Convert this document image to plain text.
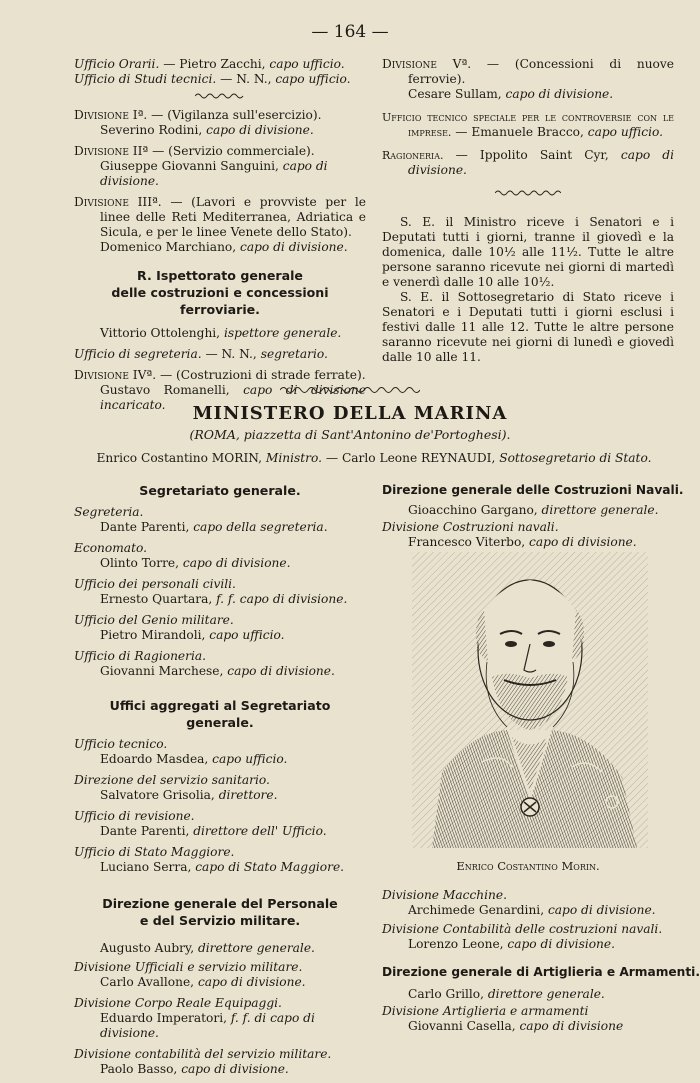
— 164 —
Ufficio Orarii. — Pietro Zacchi, capo ufficio.
Ufficio di Studi tecnici. — N. N., capo ufficio.
Divisione Iª. — (Vigilanza sull'esercizio).
Severino Rodini, capo di divisione.
Divisione IIª — (Servizio commerciale).
Giuseppe Giovanni Sanguini, capo di divisione.
Divisione IIIª. — (Lavori e provviste per le linee delle Reti Mediterranea, Adriatica e Sicula, e per le linee Venete dello Stato).
Domenico Marchiano, capo di divisione.
R. Ispettorato generale
delle costruzioni e concessioni ferroviarie.
Vittorio Ottolenghi, ispettore generale.
Ufficio di segreteria. — N. N., segretario.
Divisione IVª. — (Costruzioni di strade ferrate).
Gustavo Romanelli, capo di divisione incaricato.
Divisione Vª. — (Concessioni di nuove ferrovie).
Cesare Sullam, capo di divisione.
Ufficio tecnico speciale per le controversie con le imprese. — Emanuele Bracco, capo ufficio.
Ragioneria. — Ippolito Saint Cyr, capo di divisione.
S. E. il Ministro riceve i Senatori e i Deputati tutti i giorni, tranne il giovedì e la domenica, dalle 10½ alle 11½. Tutte le altre persone saranno ricevute nei giorni di martedì e venerdì dalle 10 alle 10½.
S. E. il Sottosegretario di Stato riceve i Senatori e i Deputati tutti i giorni esclusi i festivi dalle 11 alle 12. Tutte le altre persone saranno ricevute nei giorni di lunedì e giovedì dalle 10 alle 11.
MINISTERO DELLA MARINA
(ROMA, piazzetta di Sant'Antonino de'Portoghesi).
Enrico Costantino MORIN, Ministro. — Carlo Leone REYNAUDI, Sottosegretario di Stato.
Segretariato generale.
Segreteria.
Dante Parenti, capo della segreteria.
Economato.
Olinto Torre, capo di divisione.
Ufficio dei personali civili.
Ernesto Quartara, f. f. capo di divisione.
Ufficio del Genio militare.
Pietro Mirandoli, capo ufficio.
Ufficio di Ragioneria.
Giovanni Marchese, capo di divisione.
Uffici aggregati al Segretariato generale.
Ufficio tecnico.
Edoardo Masdea, capo ufficio.
Direzione del servizio sanitario.
Salvatore Grisolia, direttore.
Ufficio di revisione.
Dante Parenti, direttore dell' Ufficio.
Ufficio di Stato Maggiore.
Luciano Serra, capo di Stato Maggiore.
Direzione generale del Personale
e del Servizio militare.
Augusto Aubry, direttore generale.
Divisione Ufficiali e servizio militare.
Carlo Avallone, capo di divisione.
Divisione Corpo Reale Equipaggi.
Eduardo Imperatori, f. f. di capo di divisione.
Divisione contabilità del servizio militare.
Paolo Basso, capo di divisione.
Direzione generale delle Costruzioni Navali.
Gioacchino Gargano, direttore generale.
Divisione Costruzioni navali.
Francesco Viterbo, capo di divisione.
Enrico Costantino Morin.
Divisione Macchine.
Archimede Genardini, capo di divisione.
Divisione Contabilità delle costruzioni navali.
Lorenzo Leone, capo di divisione.
Direzione generale di Artiglieria e Armamenti.
Carlo Grillo, direttore generale.
Divisione Artiglieria e armamenti
Giovanni Casella, capo di divisione
